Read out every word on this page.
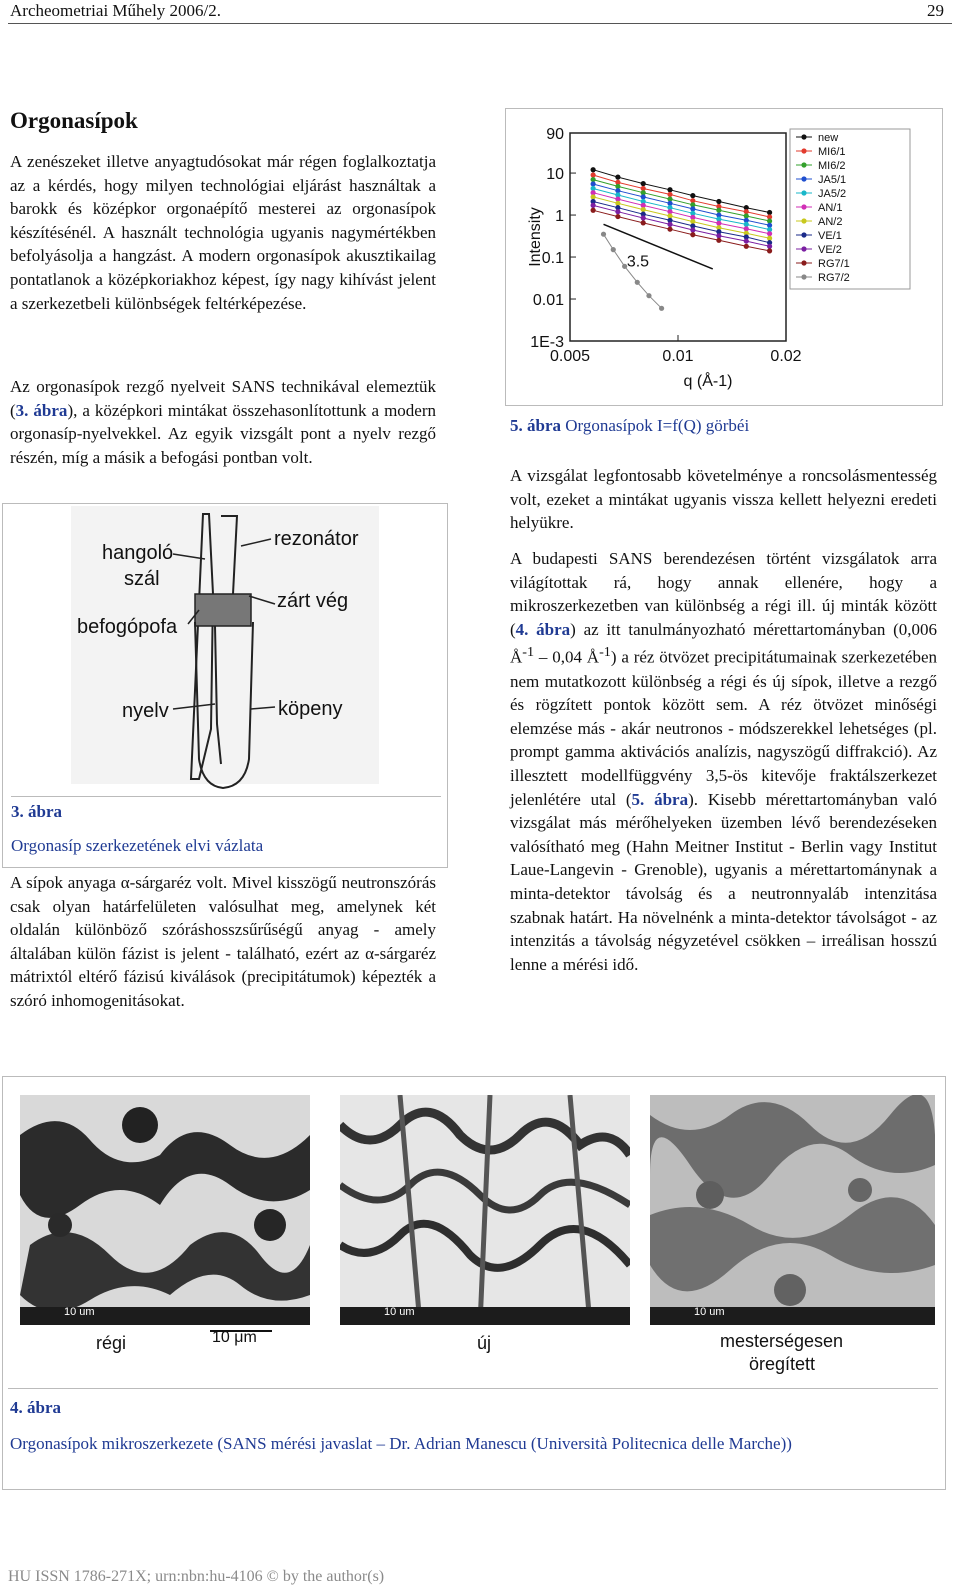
Archeometriai Műhely 2006/2.	29
Orgonasípok

A zenészeket illetve anyagtudósokat már régen foglalkoztatja az a kérdés, hogy milyen technológiai eljárást használtak a barokk és középkor orgonaépítő mesterei az orgonasípok készítésénél. A használt technológia ugyanis nagymértékben befolyásolja a hangzást. A modern orgonasípok akusztikailag pontatlanok a középkoriakhoz képest, így nagy kihívást jelent a szerkezetbeli különbségek feltérképezése.

Az orgonasípok rezgő nyelveit SANS technikával elemeztük (3. ábra), a középkori mintákat összehasonlítottunk a modern orgonasíp-nyelvekkel. Az egyik vizsgált pont a nyelv rezgő részén, míg a másik a befogási pontban volt.

hangoló
szál
befogópofa
nyelv
rezonátor
zárt vég
köpeny
3. ábra
Orgonasíp szerkezetének elvi vázlata

A sípok anyaga α-sárgaréz volt. Mivel kisszögű neutronszórás csak olyan határfelületen valósulhat meg, amelynek két oldalán különböző szóráshosszsűrűségű anyag - amely általában külön fázist is jelent - található, ezért az α-sárgaréz mátrixtól eltérő fázisú kiválások (precipitátumok) képezték a szóró inhomogenitásokat.

1E-3
0.01
0.1
1
10
90
0.005	0.01	0.02
q (Å-1)
Intensity	3.5
new
MI6/1
MI6/2
JA5/1
JA5/2
AN/1
AN/2
VE/1
VE/2
RG7/1
RG7/2
5. ábra Orgonasípok I=f(Q) görbéi

A vizsgálat legfontosabb követelménye a roncsolásmentesség volt, ezeket a mintákat ugyanis vissza kellett helyezni eredeti helyükre.

A budapesti SANS berendezésen történt vizsgálatok arra világítottak rá, hogy annak ellenére, hogy a mikroszerkezetben van különbség a régi ill. új minták között (4. ábra) az itt tanulmányozható mérettartományban (0,006 $Å^{-1} - 0,04$ $Å^{-1}$) a réz ötvözet precipitátumainak szerkezetében nem mutatkozott különbség a régi és új sípok, illetve a rezgő és rögzített pontok között sem. A réz ötvözet minőségi elemzése más - akár neutronos - módszerekkel lehetséges (pl. prompt gamma aktivációs analízis, nagyszögű diffrakció). Az illesztett modellfüggvény 3,5-ös kitevője fraktálszerkezet jelenlétére utal (5. ábra). Kisebb mérettartományban való vizsgálat más mérőhelyeken üzemben lévő berendezéseken valósítható meg (Hahn Meitner Institut - Berlin vagy Institut Laue-Langevin - Grenoble), ugyanis a mérettartománynak a minta-detektor távolság és a neutronnyaláb intenzitása szabnak határt. Ha növelnénk a minta-detektor távolságot - az intenzitás a távolság négyzetével csökken – irreálisan hosszú lenne a mérési idő.

10 um	10 um	10 um
régi	10 μm	új	mesterségesen
öregített
4. ábra
Orgonasípok mikroszerkezete (SANS mérési javaslat – Dr. Adrian Manescu (Università Politecnica delle Marche))
HU ISSN 1786-271X; urn:nbn:hu-4106 © by the author(s)
